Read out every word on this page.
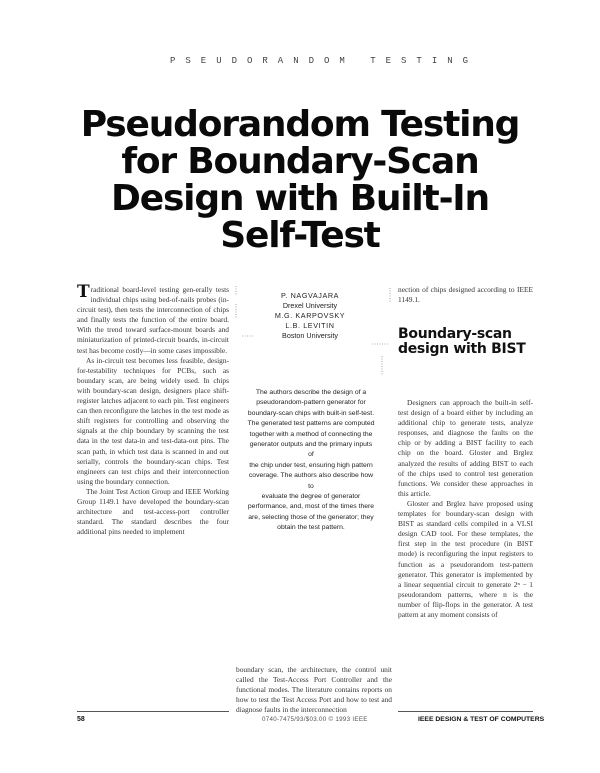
PSEUDORANDOM TESTING
Pseudorandom Testing
for Boundary-Scan
Design with Built-In
Self-Test

Traditional board-level testing gen-erally tests individual chips using bed-of-nails probes (in-circuit test), then tests the interconnection of chips and finally tests the function of the entire board. With the trend toward surface-mount boards and miniaturization of printed-circuit boards, in-circuit test has become costly—in some cases impossible.

As in-circuit test becomes less feasible, design-for-testability techniques for PCBs, such as boundary scan, are being widely used. In chips with boundary-scan design, designers place shift-register latches adjacent to each pin. Test engineers can then reconfigure the latches in the test mode as shift registers for controlling and observing the signals at the chip boundary by scanning the test data in the test data-in and test-data-out pins. The scan path, in which test data is scanned in and out serially, controls the boundary-scan chips. Test engineers can test chips and their interconnection using the boundary connection.

The Joint Test Action Group and IEEE Working Group 1149.1 have developed the boundary-scan architecture and test-access-port controller standard. The standard describes the four additional pins needed to implement

P. NAGVAJARA
Drexel University
M.G. KARPOVSKY
L.B. LEVITIN
Boston University
The authors describe the design of a
pseudorandom-pattern generator for
boundary-scan chips with built-in self-test.
The generated test patterns are computed
together with a method of connecting the
generator outputs and the primary inputs of
the chip under test, ensuring high pattern
coverage. The authors also describe how to
evaluate the degree of generator
performance, and, most of the times there
are, selecting those of the generator; they
obtain the test pattern.

boundary scan, the architecture, the control unit called the Test-Access Port Controller and the functional modes. The literature contains reports on how to test the Test Access Port and how to test and diagnose faults in the interconnection

nection of chips designed according to IEEE 1149.1.

Boundary-scan design with BIST

Designers can approach the built-in self-test design of a board either by including an additional chip to generate tests, analyze responses, and diagnose the faults on the chip or by adding a BIST facility to each chip on the board. Gloster and Brglez analyzed the results of adding BIST to each of the chips used to control test generation functions. We consider these approaches in this article.

Gloster and Brglez have proposed using templates for boundary-scan design with BIST as standard cells compiled in a VLSI design CAD tool. For these templates, the first step in the test procedure (in BIST mode) is reconfiguring the input registers to function as a pseudorandom test-pattern generator. This generator is implemented by a linear sequential circuit to generate 2ⁿ − 1 pseudorandom patterns, where n is the number of flip-flops in the generator. A test pattern at any moment consists of

58	0740-7475/93/$03.00 © 1993 IEEE	IEEE DESIGN & TEST OF COMPUTERS
